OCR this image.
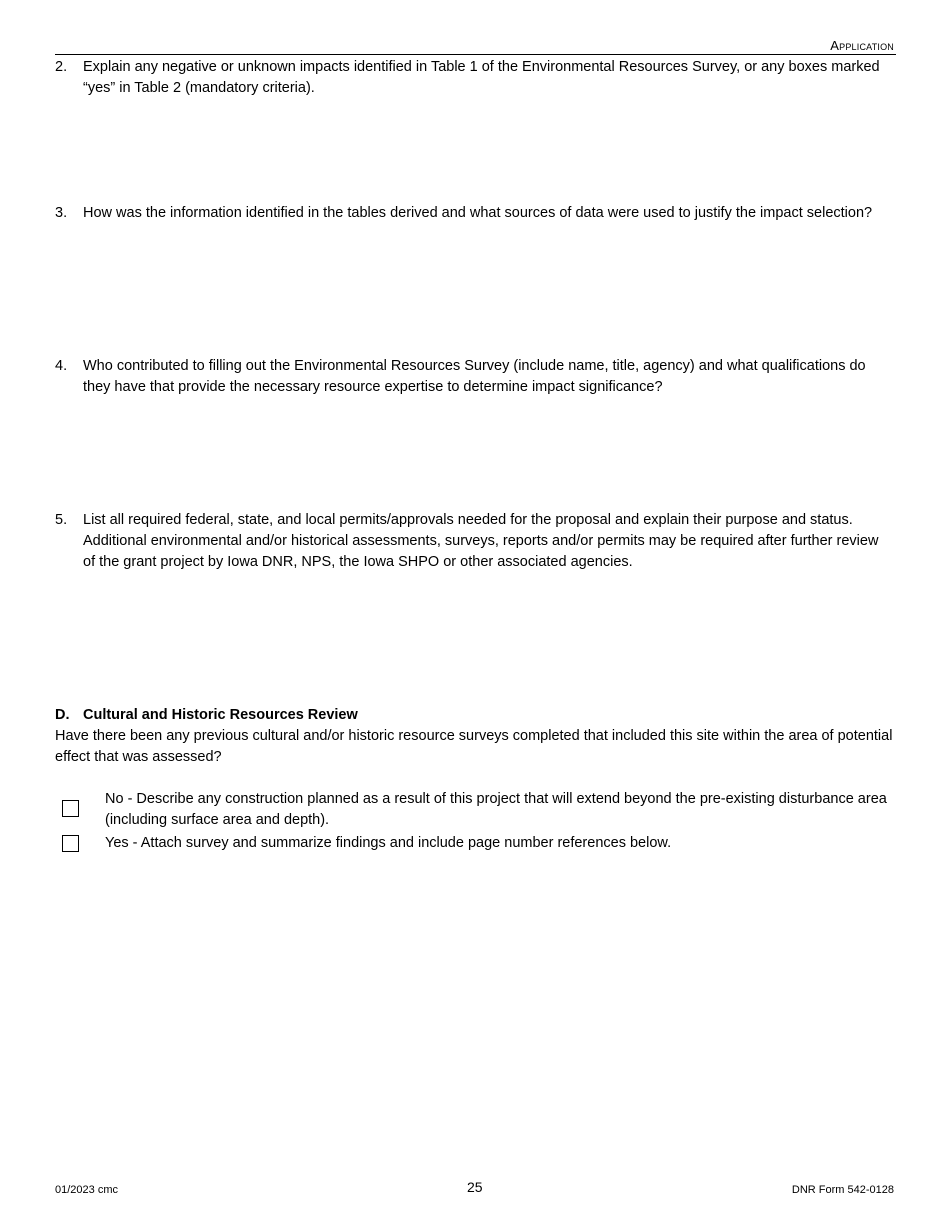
Application
2. Explain any negative or unknown impacts identified in Table 1 of the Environmental Resources Survey, or any boxes marked “yes” in Table 2 (mandatory criteria).
3. How was the information identified in the tables derived and what sources of data were used to justify the impact selection?
4. Who contributed to filling out the Environmental Resources Survey (include name, title, agency) and what qualifications do they have that provide the necessary resource expertise to determine impact significance?
5. List all required federal, state, and local permits/approvals needed for the proposal and explain their purpose and status. Additional environmental and/or historical assessments, surveys, reports and/or permits may be required after further review of the grant project by Iowa DNR, NPS, the Iowa SHPO or other associated agencies.
D. Cultural and Historic Resources Review
Have there been any previous cultural and/or historic resource surveys completed that included this site within the area of potential effect that was assessed?
No - Describe any construction planned as a result of this project that will extend beyond the pre-existing disturbance area (including surface area and depth).
Yes - Attach survey and summarize findings and include page number references below.
01/2023 cmc	25	DNR Form 542-0128
